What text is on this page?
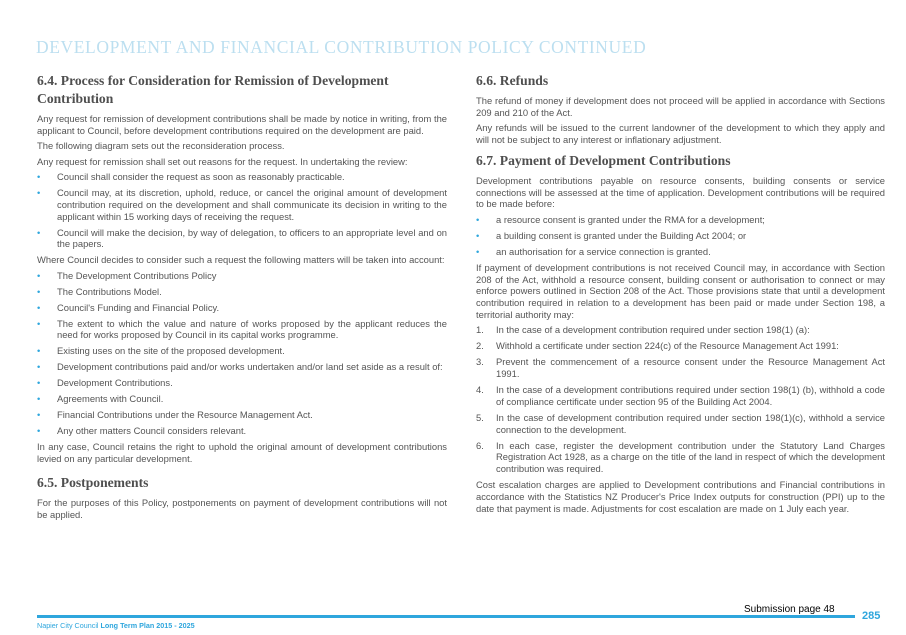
DEVELOPMENT AND FINANCIAL CONTRIBUTION POLICY CONTINUED
6.4. Process for Consideration for Remission of Development Contribution

Any request for remission of development contributions shall be made by notice in writing, from the applicant to Council, before development contributions required on the development are paid.

The following diagram sets out the reconsideration process.

Any request for remission shall set out reasons for the request. In undertaking the review:

• Council shall consider the request as soon as reasonably practicable.
• Council may, at its discretion, uphold, reduce, or cancel the original amount of development contribution required on the development and shall communicate its decision in writing to the applicant within 15 working days of receiving the request.
• Council will make the decision, by way of delegation, to officers to an appropriate level and on the papers.

Where Council decides to consider such a request the following matters will be taken into account:

• The Development Contributions Policy
• The Contributions Model.
• Council's Funding and Financial Policy.
• The extent to which the value and nature of works proposed by the applicant reduces the need for works proposed by Council in its capital works programme.
• Existing uses on the site of the proposed development.
• Development contributions paid and/or works undertaken and/or land set aside as a result of:
• Development Contributions.
• Agreements with Council.
• Financial Contributions under the Resource Management Act.
• Any other matters Council considers relevant.

In any case, Council retains the right to uphold the original amount of development contributions levied on any particular development.

6.5. Postponements

For the purposes of this Policy, postponements on payment of development contributions will not be applied.

6.6. Refunds

The refund of money if development does not proceed will be applied in accordance with Sections 209 and 210 of the Act.

Any refunds will be issued to the current landowner of the development to which they apply and will not be subject to any interest or inflationary adjustment.

6.7. Payment of Development Contributions

Development contributions payable on resource consents, building consents or service connections will be assessed at the time of application. Development contributions will be required to be made before:

• a resource consent is granted under the RMA for a development;
• a building consent is granted under the Building Act 2004; or
• an authorisation for a service connection is granted.

If payment of development contributions is not received Council may, in accordance with Section 208 of the Act, withhold a resource consent, building consent or authorisation to connect or may enforce powers outlined in Section 208 of the Act. Those provisions state that until a development contribution required in relation to a development has been paid or made under Section 198, a territorial authority may:

1. In the case of a development contribution required under section 198(1) (a):
2. Withhold a certificate under section 224(c) of the Resource Management Act 1991:
3. Prevent the commencement of a resource consent under the Resource Management Act 1991.
4. In the case of a development contributions required under section 198(1) (b), withhold a code of compliance certificate under section 95 of the Building Act 2004.
5. In the case of development contribution required under section 198(1)(c), withhold a service connection to the development.
6. In each case, register the development contribution under the Statutory Land Charges Registration Act 1928, as a charge on the title of the land in respect of which the development contribution was required.

Cost escalation charges are applied to Development contributions and Financial contributions in accordance with the Statistics NZ Producer's Price Index outputs for construction (PPI) up to the date that payment is made. Adjustments for cost escalation are made on 1 July each year.

Submission page 48
285
Napier City Council Long Term Plan 2015 - 2025
